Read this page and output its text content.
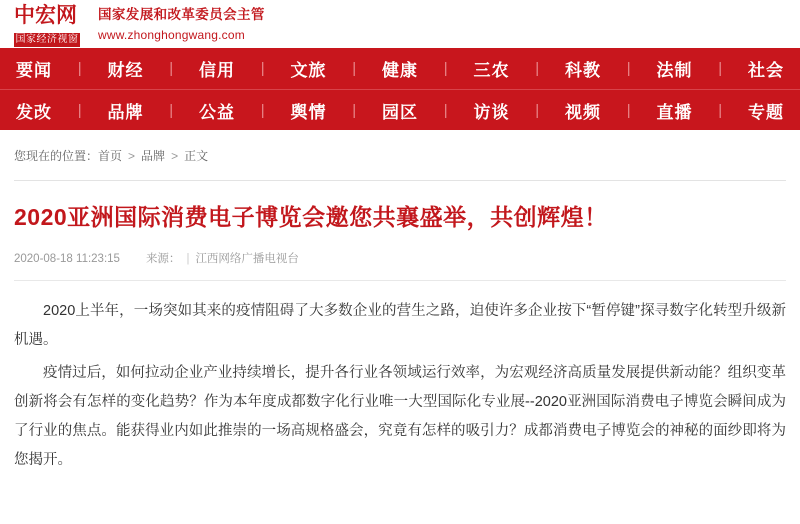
中宏网
国家经济视窗
国家发展和改革委员会主管
www.zhonghongwang.com
要闻 | 财经 | 信用 | 文旅 | 健康 | 三农 | 科教 | 法制 | 社会
发改 | 品牌 | 公益 | 舆情 | 园区 | 访谈 | 视频 | 直播 | 专题
您现在的位置：首页 > 品牌 > 正文
2020亚洲国际消费电子博览会邀您共襄盛举，共创辉煌！
2020-08-18 11:23:15 来源： | 江西网络广播电视台

2020上半年，一场突如其来的疫情阻碍了大多数企业的营生之路，迫使许多企业按下“暂停键”探寻数字化转型升级新机遇。

疫情过后，如何拉动企业产业持续增长，提升各行业各领域运行效率，为宏观经济高质量发展提供新动能？组织变革创新将会有怎样的变化趋势？作为本年度成都数字化行业唯一大型国际化专业展--2020亚洲国际消费电子博览会瞬间成为了行业的焦点。能获得业内如此推崇的一场高规格盛会，究竟有怎样的吸引力？成都消费电子博览会的神秘的面纱即将为您揭开。
